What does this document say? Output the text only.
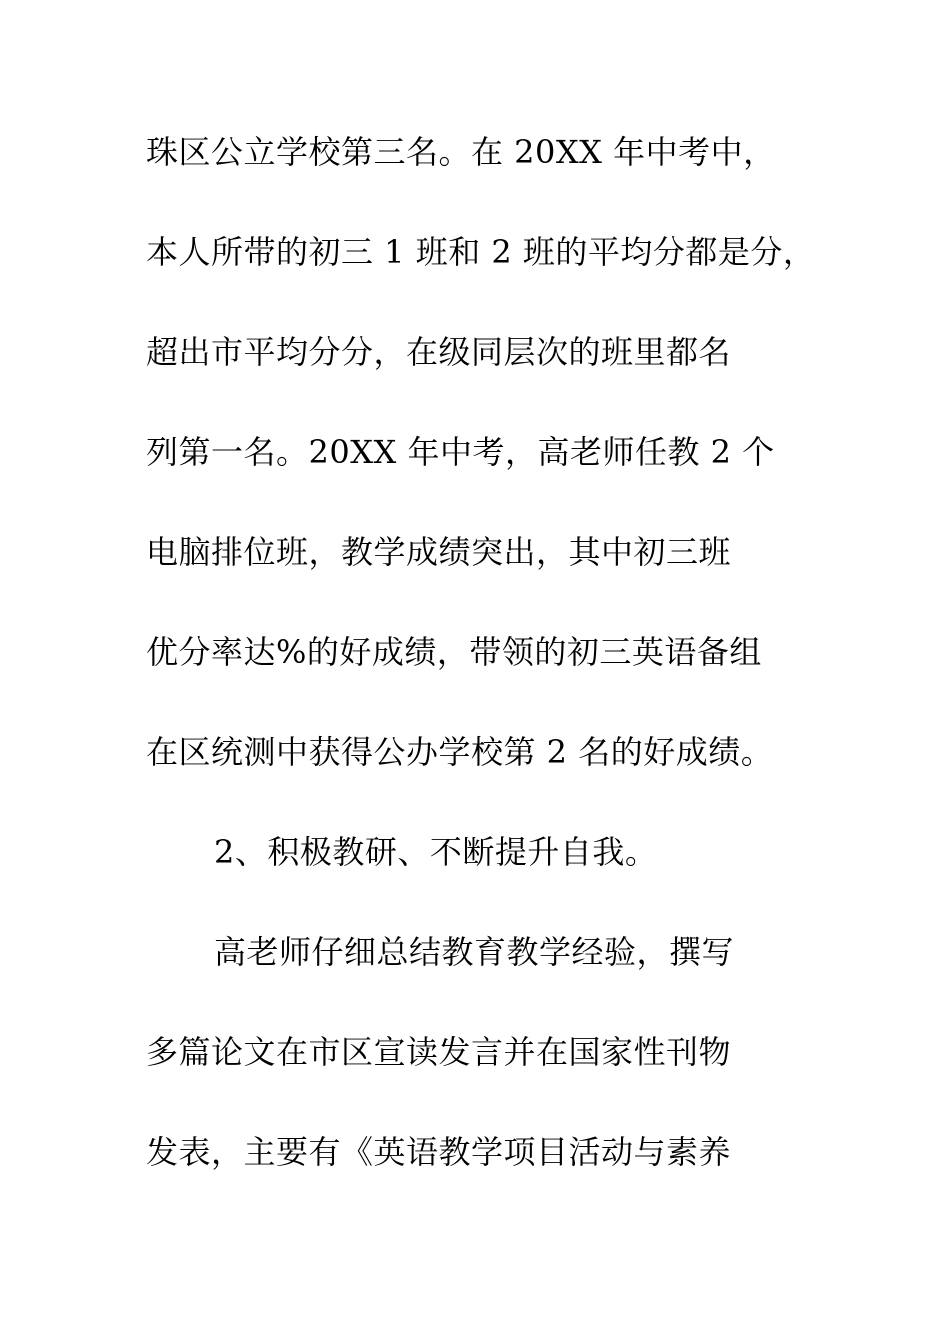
珠区公立学校第三名。在 20XX 年中考中，
本人所带的初三 1 班和 2 班的平均分都是分，
超出市平均分分，在级同层次的班里都名
列第一名。20XX 年中考，高老师任教 2 个
电脑排位班，教学成绩突出，其中初三班
优分率达%的好成绩，带领的初三英语备组
在区统测中获得公办学校第 2 名的好成绩。
2、积极教研、不断提升自我。
高老师仔细总结教育教学经验，撰写
多篇论文在市区宣读发言并在国家性刊物
发表，主要有《英语教学项目活动与素养
